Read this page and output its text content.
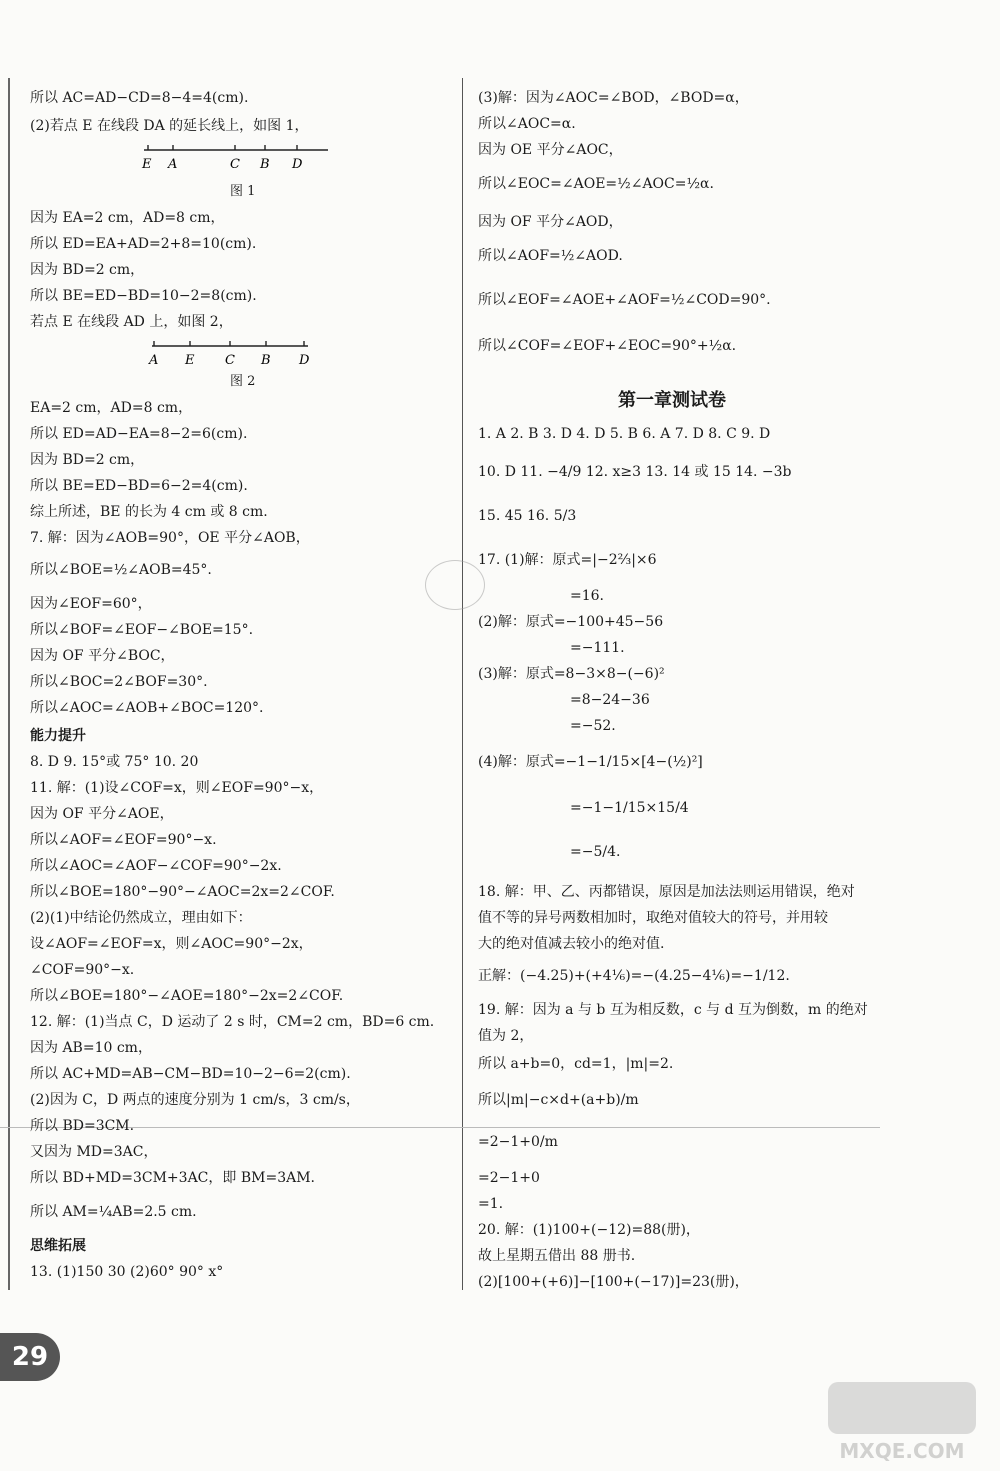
所以 AC=AD−CD=8−4=4(cm).
(2)若点 E 在线段 DA 的延长线上，如图 1，
E A	C B D
图 1
因为 EA=2 cm，AD=8 cm，
所以 ED=EA+AD=2+8=10(cm).
因为 BD=2 cm，
所以 BE=ED−BD=10−2=8(cm).
若点 E 在线段 AD 上，如图 2，
A E C B D
图 2
EA=2 cm，AD=8 cm，
所以 ED=AD−EA=8−2=6(cm).
因为 BD=2 cm，
所以 BE=ED−BD=6−2=4(cm).
综上所述，BE 的长为 4 cm 或 8 cm.
7. 解：因为∠AOB=90°，OE 平分∠AOB，
所以∠BOE=½∠AOB=45°.
因为∠EOF=60°，
所以∠BOF=∠EOF−∠BOE=15°.
因为 OF 平分∠BOC，
所以∠BOC=2∠BOF=30°.
所以∠AOC=∠AOB+∠BOC=120°.
能力提升
8. D 9. 15°或 75° 10. 20
11. 解：(1)设∠COF=x，则∠EOF=90°−x，
因为 OF 平分∠AOE，
所以∠AOF=∠EOF=90°−x.
所以∠AOC=∠AOF−∠COF=90°−2x.
所以∠BOE=180°−90°−∠AOC=2x=2∠COF.
(2)(1)中结论仍然成立，理由如下：
设∠AOF=∠EOF=x，则∠AOC=90°−2x，
∠COF=90°−x.
所以∠BOE=180°−∠AOE=180°−2x=2∠COF.
12. 解：(1)当点 C，D 运动了 2 s 时，CM=2 cm，BD=6 cm.
因为 AB=10 cm，
所以 AC+MD=AB−CM−BD=10−2−6=2(cm).
(2)因为 C，D 两点的速度分别为 1 cm/s，3 cm/s，
所以 BD=3CM.
又因为 MD=3AC，
所以 BD+MD=3CM+3AC，即 BM=3AM.
所以 AM=¼AB=2.5 cm.
思维拓展
13. (1)150 30 (2)60° 90° x°
(3)解：因为∠AOC=∠BOD，∠BOD=α，
所以∠AOC=α.
因为 OE 平分∠AOC，
所以∠EOC=∠AOE=½∠AOC=½α.
因为 OF 平分∠AOD，
所以∠AOF=½∠AOD.
所以∠EOF=∠AOE+∠AOF=½∠COD=90°.
所以∠COF=∠EOF+∠EOC=90°+½α.
第一章测试卷
1. A 2. B 3. D 4. D 5. B 6. A 7. D 8. C 9. D
10. D 11. −4/9 12. x≥3 13. 14 或 15 14. −3b
15. 45 16. 5/3
17. (1)解：原式=|−2⅔|×6
=16.
(2)解：原式=−100+45−56
=−111.
(3)解：原式=8−3×8−(−6)²
=8−24−36
=−52.
(4)解：原式=−1−1/15×[4−(½)²]
=−1−1/15×15/4
=−5/4.
18. 解：甲、乙、丙都错误，原因是加法法则运用错误，绝对
值不等的异号两数相加时，取绝对值较大的符号，并用较
大的绝对值减去较小的绝对值.
正解：(−4.25)+(+4⅙)=−(4.25−4⅙)=−1/12.
19. 解：因为 a 与 b 互为相反数，c 与 d 互为倒数，m 的绝对
值为 2，
所以 a+b=0，cd=1，|m|=2.
所以|m|−c×d+(a+b)/m
=2−1+0/m
=2−1+0
=1.
20. 解：(1)100+(−12)=88(册)，
故上星期五借出 88 册书.
(2)[100+(+6)]−[100+(−17)]=23(册)，
29
MXQE.COM
